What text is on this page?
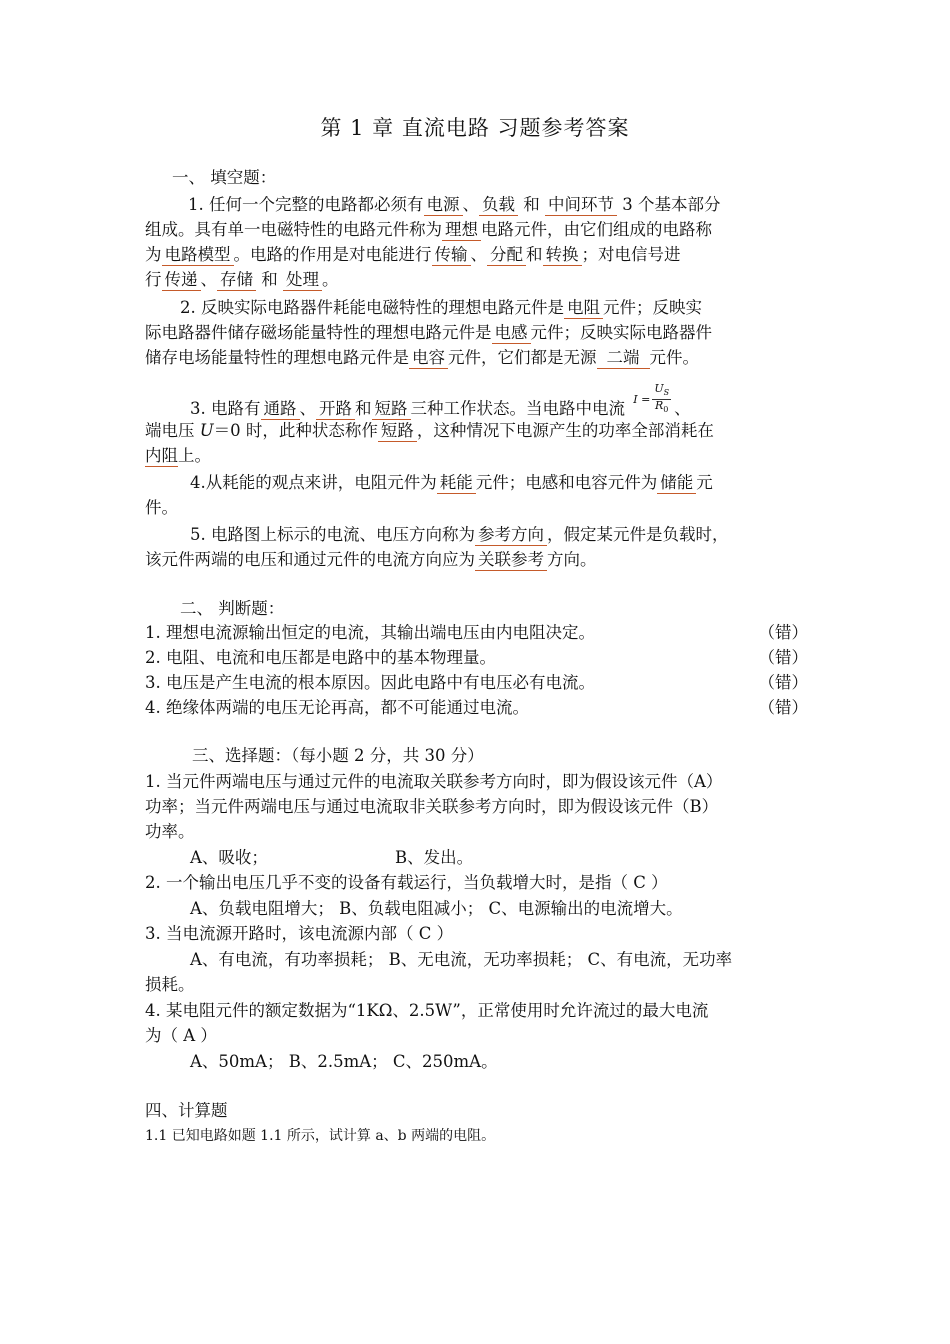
第 1 章 直流电路 习题参考答案
一、 填空题：
1. 任何一个完整的电路都必须有 电源 、 负载 和 中间环节 3 个基本部分
组成。具有单一电磁特性的电路元件称为 理想 电路元件，由它们组成的电路称
为 电路模型 。电路的作用是对电能进行 传输 、 分配 和 转换 ；对电信号进
行 传递 、 存储 和 处理 。
2. 反映实际电路器件耗能电磁特性的理想电路元件是 电阻 元件；反映实
际电路器件储存磁场能量特性的理想电路元件是 电感 元件；反映实际电路器件
储存电场能量特性的理想电路元件是 电容 元件，它们都是无源 二端 元件。
3. 电路有 通路 、 开路 和 短路 三种工作状态。当电路中电流 $I = \frac{U_S}{R_0}$ 、
端电压 U＝0 时，此种状态称作 短路 ，这种情况下电源产生的功率全部消耗在
内阻上。
4.从耗能的观点来讲，电阻元件为 耗能 元件；电感和电容元件为 储能 元
件。
5. 电路图上标示的电流、电压方向称为 参考方向 ，假定某元件是负载时，
该元件两端的电压和通过元件的电流方向应为 关联参考 方向。
二、 判断题：
1. 理想电流源输出恒定的电流，其输出端电压由内电阻决定。	（错）
2. 电阻、电流和电压都是电路中的基本物理量。	（错）
3. 电压是产生电流的根本原因。因此电路中有电压必有电流。	（错）
4. 绝缘体两端的电压无论再高，都不可能通过电流。	（错）
三、选择题：（每小题 2 分，共 30 分）
1. 当元件两端电压与通过元件的电流取关联参考方向时，即为假设该元件（A）
功率；当元件两端电压与通过电流取非关联参考方向时，即为假设该元件（B）
功率。
A、吸收；	B、发出。
2. 一个输出电压几乎不变的设备有载运行，当负载增大时，是指（ C ）
A、负载电阻增大； B、负载电阻减小； C、电源输出的电流增大。
3. 当电流源开路时，该电流源内部（ C ）
A、有电流，有功率损耗； B、无电流，无功率损耗； C、有电流，无功率
损耗。
4. 某电阻元件的额定数据为“1KΩ、2.5W”，正常使用时允许流过的最大电流
为（ A ）
A、50mA； B、2.5mA； C、250mA。
四、计算题
1.1 已知电路如题 1.1 所示，试计算 a、b 两端的电阻。
